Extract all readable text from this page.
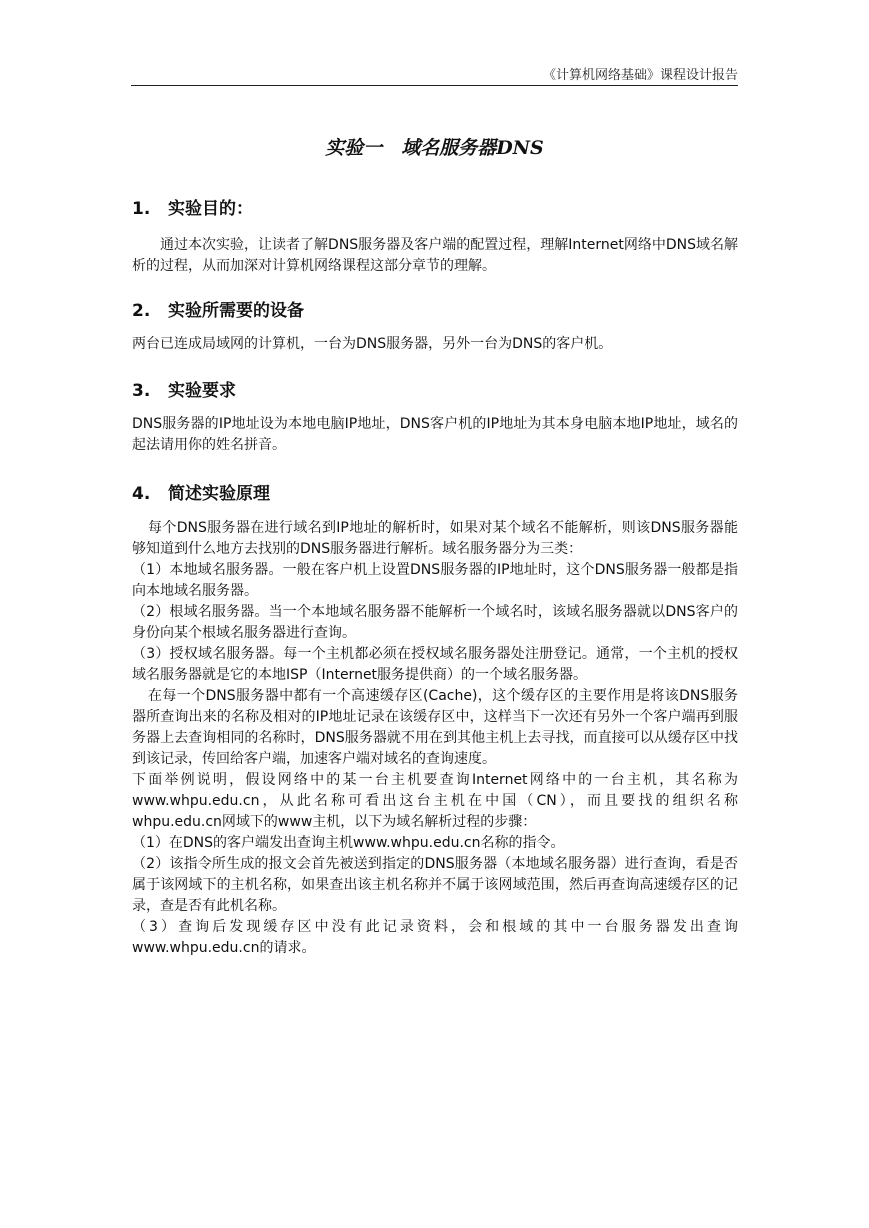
《计算机网络基础》课程设计报告
实验一　域名服务器DNS
1. 实验目的：

通过本次实验，让读者了解DNS服务器及客户端的配置过程，理解Internet网络中DNS域名解析的过程，从而加深对计算机网络课程这部分章节的理解。

2. 实验所需要的设备

两台已连成局域网的计算机，一台为DNS服务器，另外一台为DNS的客户机。

3. 实验要求

DNS服务器的IP地址设为本地电脑IP地址，DNS客户机的IP地址为其本身电脑本地IP地址，域名的起法请用你的姓名拼音。

4. 简述实验原理

每个DNS服务器在进行域名到IP地址的解析时，如果对某个域名不能解析，则该DNS服务器能够知道到什么地方去找别的DNS服务器进行解析。域名服务器分为三类：

（1）本地域名服务器。一般在客户机上设置DNS服务器的IP地址时，这个DNS服务器一般都是指向本地域名服务器。

（2）根域名服务器。当一个本地域名服务器不能解析一个域名时，该域名服务器就以DNS客户的身份向某个根域名服务器进行查询。

（3）授权域名服务器。每一个主机都必须在授权域名服务器处注册登记。通常，一个主机的授权域名服务器就是它的本地ISP（Internet服务提供商）的一个域名服务器。

在每一个DNS服务器中都有一个高速缓存区(Cache)，这个缓存区的主要作用是将该DNS服务器所查询出来的名称及相对的IP地址记录在该缓存区中，这样当下一次还有另外一个客户端再到服务器上去查询相同的名称时，DNS服务器就不用在到其他主机上去寻找，而直接可以从缓存区中找到该记录，传回给客户端，加速客户端对域名的查询速度。

下面举例说明，假设网络中的某一台主机要查询Internet网络中的一台主机，其名称为www.whpu.edu.cn，从此名称可看出这台主机在中国（CN），而且要找的组织名称whpu.edu.cn网域下的www主机，以下为域名解析过程的步骤：

（1）在DNS的客户端发出查询主机www.whpu.edu.cn名称的指令。

（2）该指令所生成的报文会首先被送到指定的DNS服务器（本地域名服务器）进行查询，看是否属于该网域下的主机名称，如果查出该主机名称并不属于该网域范围，然后再查询高速缓存区的记录，查是否有此机名称。

（3）查询后发现缓存区中没有此记录资料，会和根域的其中一台服务器发出查询www.whpu.edu.cn的请求。
